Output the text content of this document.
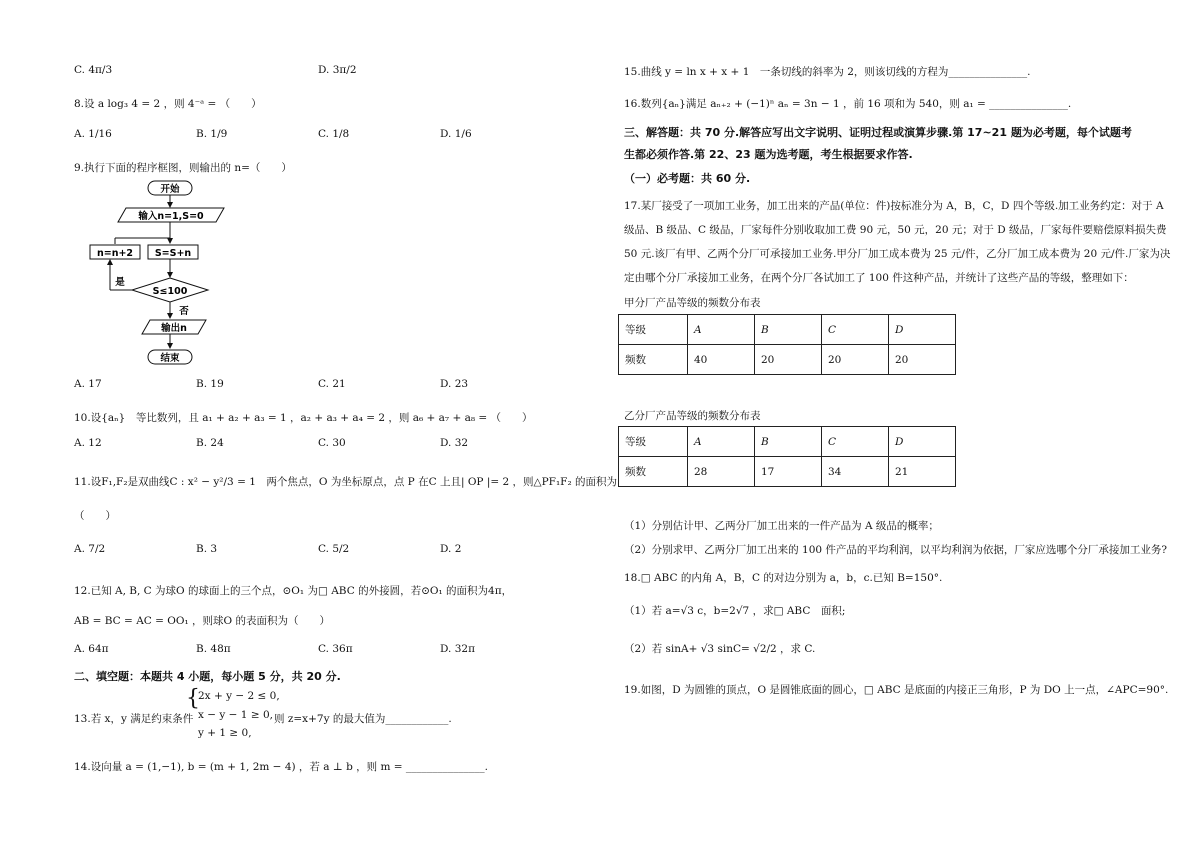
C. 4π/3	D. 3π/2
8.设 a log₃ 4 = 2 ，则 4⁻ᵃ = （　　）
A. 1/16	B. 1/9	C. 1/8	D. 1/6
9.执行下面的程序框图，则输出的 n=（　　）
开始
输入n=1,S=0
n=n+2 S=S+n
S≤100
是
否
输出n
结束
A. 17	B. 19	C. 21	D. 23
10.设{aₙ}　等比数列，且 a₁ + a₂ + a₃ = 1 ，a₂ + a₃ + a₄ = 2 ，则 a₆ + a₇ + a₈ = （　　）
A. 12	B. 24	C. 30	D. 32
11.设F₁,F₂是双曲线C : x² − y²/3 = 1　两个焦点，O 为坐标原点，点 P 在C 上且| OP |= 2 ，则△PF₁F₂ 的面积为
（　　）
A. 7/2	B. 3	C. 5/2	D. 2
12.已知 A, B, C 为球O 的球面上的三个点，⊙O₁ 为□ ABC 的外接圆，若⊙O₁ 的面积为4π，
AB = BC = AC = OO₁ ，则球O 的表面积为（　　）
A. 64π	B. 48π	C. 36π	D. 32π
二、填空题：本题共 4 小题，每小题 5 分，共 20 分.
13.若 x，y 满足约束条件
{
2x + y − 2 ≤ 0,
x − y − 1 ≥ 0,
y + 1 ≥ 0,
则 z=x+7y 的最大值为____________.
14.设向量 a = (1,−1), b = (m + 1, 2m − 4) ，若 a ⊥ b ，则 m = _______________.
15.曲线 y = ln x + x + 1　一条切线的斜率为 2，则该切线的方程为_______________.
16.数列{aₙ}满足 aₙ₊₂ + (−1)ⁿ aₙ = 3n − 1 ，前 16 项和为 540，则 a₁ = _______________.
三、解答题：共 70 分.解答应写出文字说明、证明过程或演算步骤.第 17~21 题为必考题，每个试题考
生都必须作答.第 22、23 题为选考题，考生根据要求作答.
（一）必考题：共 60 分.
17.某厂接受了一项加工业务，加工出来的产品(单位：件)按标准分为 A，B，C，D 四个等级.加工业务约定：对于 A
级品、B 级品、C 级品，厂家每件分别收取加工费 90 元，50 元，20 元；对于 D 级品，厂家每件要赔偿原料损失费
50 元.该厂有甲、乙两个分厂可承接加工业务.甲分厂加工成本费为 25 元/件，乙分厂加工成本费为 20 元/件.厂家为决
定由哪个分厂承接加工业务，在两个分厂各试加工了 100 件这种产品，并统计了这些产品的等级，整理如下：
甲分厂产品等级的频数分布表
等级	A	B	C	D
频数	40	20	20	20
乙分厂产品等级的频数分布表
等级	A	B	C	D
频数	28	17	34	21
（1）分别估计甲、乙两分厂加工出来的一件产品为 A 级品的概率；
（2）分别求甲、乙两分厂加工出来的 100 件产品的平均利润，以平均利润为依据，厂家应选哪个分厂承接加工业务?
18.□ ABC 的内角 A，B，C 的对边分别为 a，b，c.已知 B=150°.
（1）若 a=√3 c，b=2√7 ，求□ ABC　面积;
（2）若 sinA+ √3 sinC= √2/2 ，求 C.
19.如图，D 为圆锥的顶点，O 是圆锥底面的圆心，□ ABC 是底面的内接正三角形，P 为 DO 上一点，∠APC=90°.
